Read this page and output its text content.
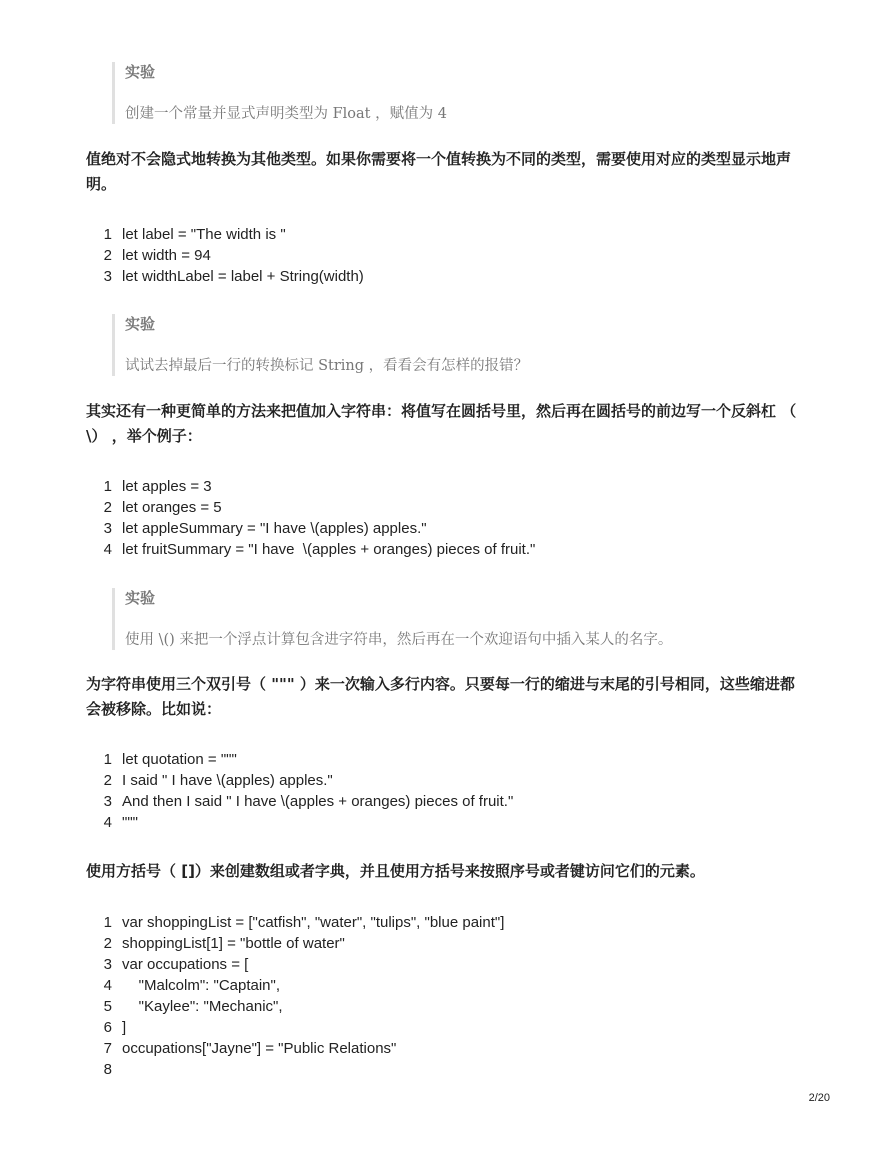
实验
创建一个常量并显式声明类型为 Float ，赋值为 4
值绝对不会隐式地转换为其他类型。如果你需要将一个值转换为不同的类型，需要使用对应的类型显示地声明。
1 let label = "The width is "
2 let width = 94
3 let widthLabel = label + String(width)
实验
试试去掉最后一行的转换标记 String ，看看会有怎样的报错？
其实还有一种更简单的方法来把值加入字符串：将值写在圆括号里，然后再在圆括号的前边写一个反斜杠 （ \） ，举个例子：
1 let apples = 3
2 let oranges = 5
3 let appleSummary = "I have \(apples) apples."
4 let fruitSummary = "I have  \(apples + oranges) pieces of fruit."
实验
使用 \() 来把一个浮点计算包含进字符串，然后再在一个欢迎语句中插入某人的名字。
为字符串使用三个双引号（ """ ）来一次输入多行内容。只要每一行的缩进与末尾的引号相同，这些缩进都会被移除。比如说：
1 let quotation = """
2 I said " I have \(apples) apples."
3 And then I said " I have \(apples + oranges) pieces of fruit."
4 """
使用方括号（ []）来创建数组或者字典，并且使用方括号来按照序号或者键访问它们的元素。
1 var shoppingList = ["catfish", "water", "tulips", "blue paint"]
2 shoppingList[1] = "bottle of water"
3 var occupations = [
4 "Malcolm": "Captain",
5 "Kaylee": "Mechanic",
6 ]
7 occupations["Jayne"] = "Public Relations"
8
2/20
